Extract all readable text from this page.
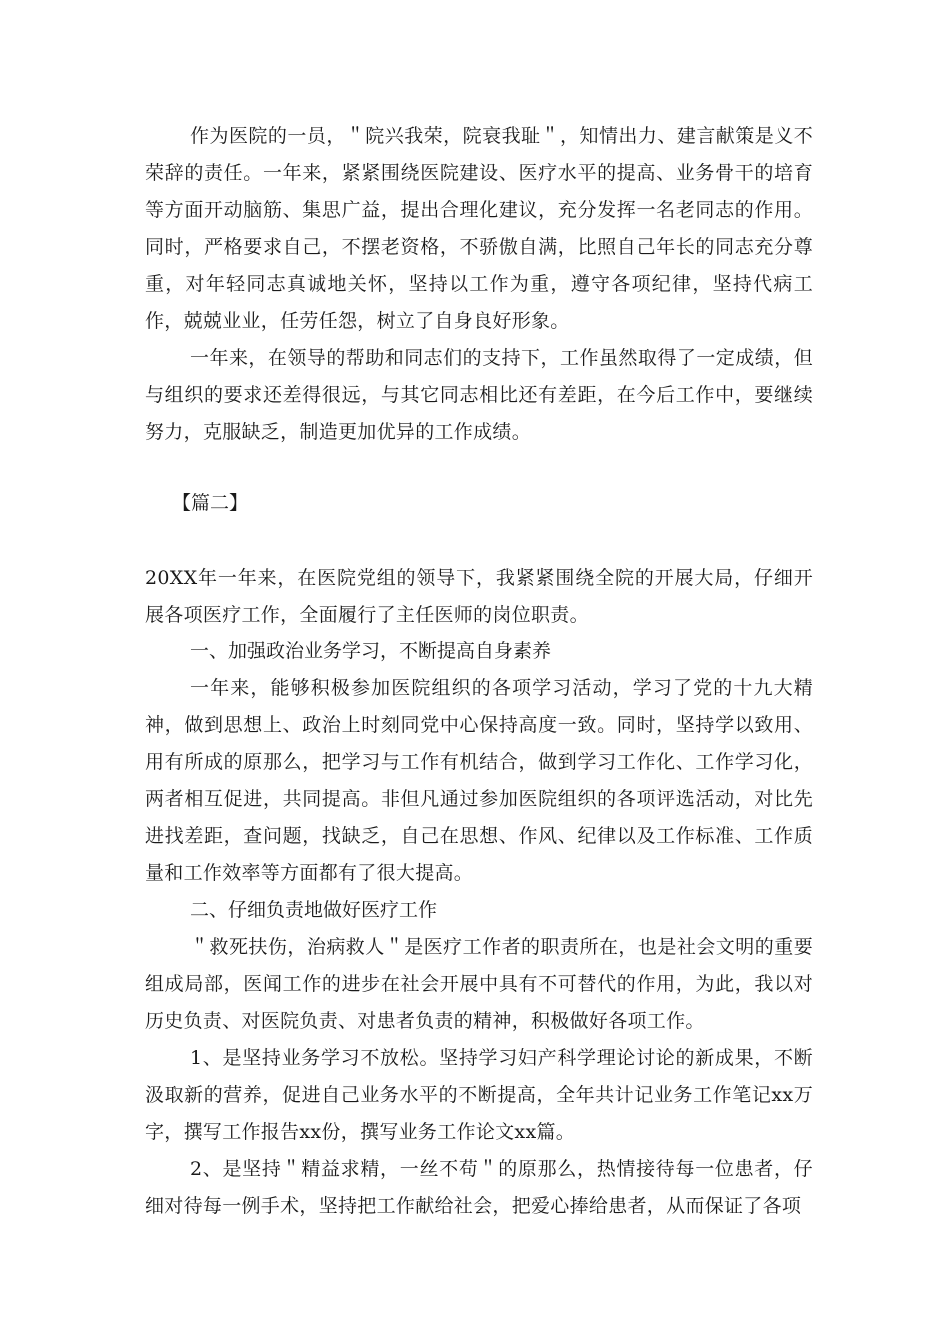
作为医院的一员，＂院兴我荣，院衰我耻＂，知情出力、建言献策是义不荣辞的责任。一年来，紧紧围绕医院建设、医疗水平的提高、业务骨干的培育等方面开动脑筋、集思广益，提出合理化建议，充分发挥一名老同志的作用。同时，严格要求自己，不摆老资格，不骄傲自满，比照自己年长的同志充分尊重，对年轻同志真诚地关怀，坚持以工作为重，遵守各项纪律，坚持代病工作，兢兢业业，任劳任怨，树立了自身良好形象。

一年来，在领导的帮助和同志们的支持下，工作虽然取得了一定成绩，但与组织的要求还差得很远，与其它同志相比还有差距，在今后工作中，要继续努力，克服缺乏，制造更加优异的工作成绩。

【篇二】

20XX年一年来，在医院党组的领导下，我紧紧围绕全院的开展大局，仔细开展各项医疗工作，全面履行了主任医师的岗位职责。

一、加强政治业务学习，不断提高自身素养

一年来，能够积极参加医院组织的各项学习活动，学习了党的十九大精神，做到思想上、政治上时刻同党中心保持高度一致。同时，坚持学以致用、用有所成的原那么，把学习与工作有机结合，做到学习工作化、工作学习化，两者相互促进，共同提高。非但凡通过参加医院组织的各项评选活动，对比先进找差距，查问题，找缺乏，自己在思想、作风、纪律以及工作标准、工作质量和工作效率等方面都有了很大提高。

二、仔细负责地做好医疗工作

＂救死扶伤，治病救人＂是医疗工作者的职责所在，也是社会文明的重要组成局部，医闻工作的进步在社会开展中具有不可替代的作用，为此，我以对历史负责、对医院负责、对患者负责的精神，积极做好各项工作。

1、是坚持业务学习不放松。坚持学习妇产科学理论讨论的新成果，不断汲取新的营养，促进自己业务水平的不断提高，全年共计记业务工作笔记xx万字，撰写工作报告xx份，撰写业务工作论文xx篇。

2、是坚持＂精益求精，一丝不苟＂的原那么，热情接待每一位患者，仔细对待每一例手术，坚持把工作献给社会，把爱心捧给患者，从而保证了各项
